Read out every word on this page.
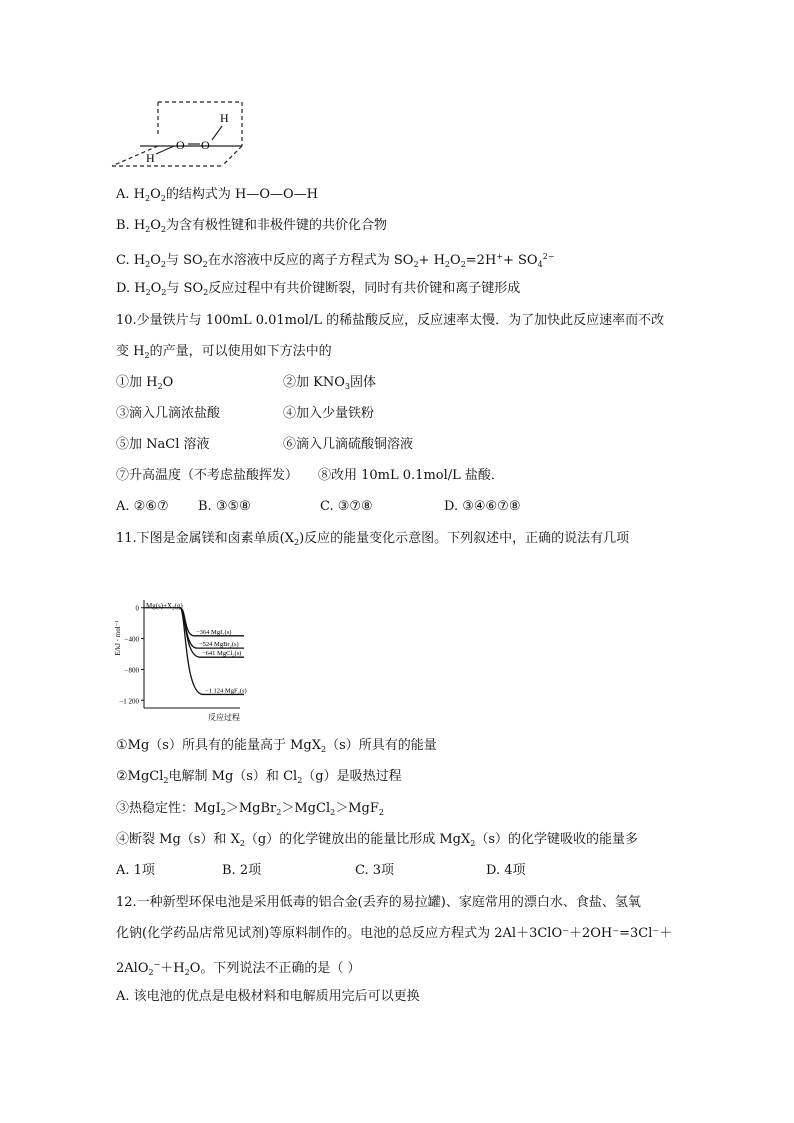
H
O O
H
A. $H_2O_2$的结构式为 H—O—O—H
B. $H_2O_2$为含有极性键和非极件键的共价化合物
C. $H_2O_2$与 $SO_2$在水溶液中反应的离子方程式为 $SO_2+ H_2O_2=2H^++ SO_4^{2-}$
D. $H_2O_2$与 $SO_2$反应过程中有共价键断裂，同时有共价键和离子键形成
10.少量铁片与 100mL 0.01mol/L 的稀盐酸反应，反应速率太慢．为了加快此反应速率而不改
变 $H_2$的产量，可以使用如下方法中的
①加 $H_2O$	②加 $KNO_3$固体
③滴入几滴浓盐酸	④加入少量铁粉
⑤加 NaCl 溶液	⑥滴入几滴硫酸铜溶液
⑦升高温度（不考虑盐酸挥发） ⑧改用 10mL 0.1mol/L 盐酸．
A. ②⑥⑦ B. ③⑤⑧	C. ③⑦⑧	D. ③④⑥⑦⑧
11.下图是金属镁和卤素单质$(X_2)$反应的能量变化示意图。下列叙述中，正确的说法有几项
E/kJ · mol⁻¹
反应过程
Mg(s)+X₂(g)
0
−400
−800
−1 200
−364 MgI₂(s)
−524 MgBr₂(s)
−641 MgCl₂(s)
−1 124 MgF₂(s)
①Mg（s）所具有的能量高于 MgX$_2$（s）所具有的能量
②MgCl$_2$电解制 Mg（s）和 $Cl_2(g)$是吸热过程
③热稳定性：MgI$_2$＞MgBr$_2$＞MgCl$_2$＞MgF$_2$
④断裂 Mg（s）和 $X_2(g)$的化学键放出的能量比形成 MgX$_2$（s）的化学键吸收的能量多
A. 1项	B. 2项	C. 3项	D. 4项
12.一种新型环保电池是采用低毒的铝合金(丢弃的易拉罐)、家庭常用的漂白水、食盐、氢氧
化钠(化学药品店常见试剂)等原料制作的。电池的总反应方程式为 2Al＋3ClO⁻＋2OH⁻=3Cl⁻＋
$2AlO_2^-+H_2O$。下列说法不正确的是（ ）
A. 该电池的优点是电极材料和电解质用完后可以更换
